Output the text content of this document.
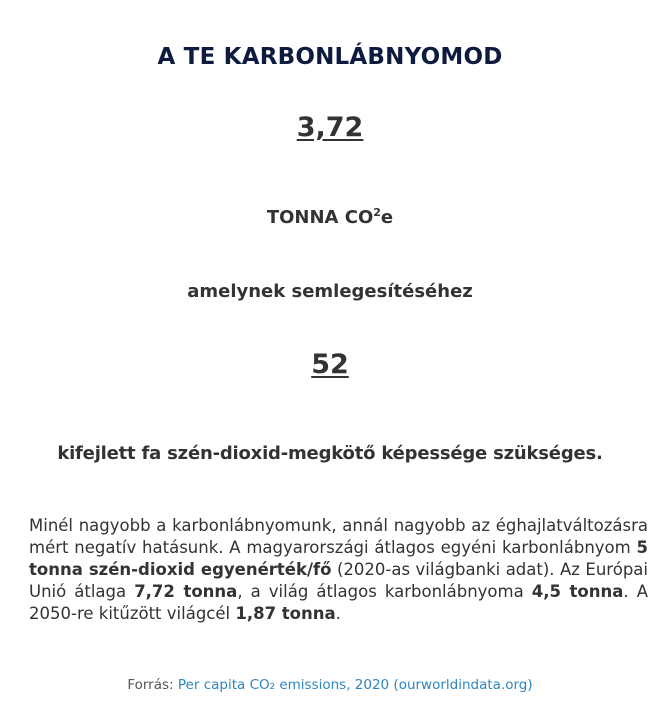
A TE KARBONLÁBNYOMOD
3,72
TONNA $CO^2e$
amelynek semlegesítéséhez
52
kifejlett fa szén-dioxid-megkötő képessége szükséges.

Minél nagyobb a karbonlábnyomunk, annál nagyobb az éghajlatváltozásra mért negatív hatásunk. A magyarországi átlagos egyéni karbonlábnyom 5 tonna szén-dioxid egyenérték/fő (2020-as világbanki adat). Az Európai Unió átlaga 7,72 tonna, a világ átlagos karbonlábnyoma 4,5 tonna. A 2050-re kitűzött világcél 1,87 tonna.

Forrás: Per capita CO₂ emissions, 2020 (ourworldindata.org)
